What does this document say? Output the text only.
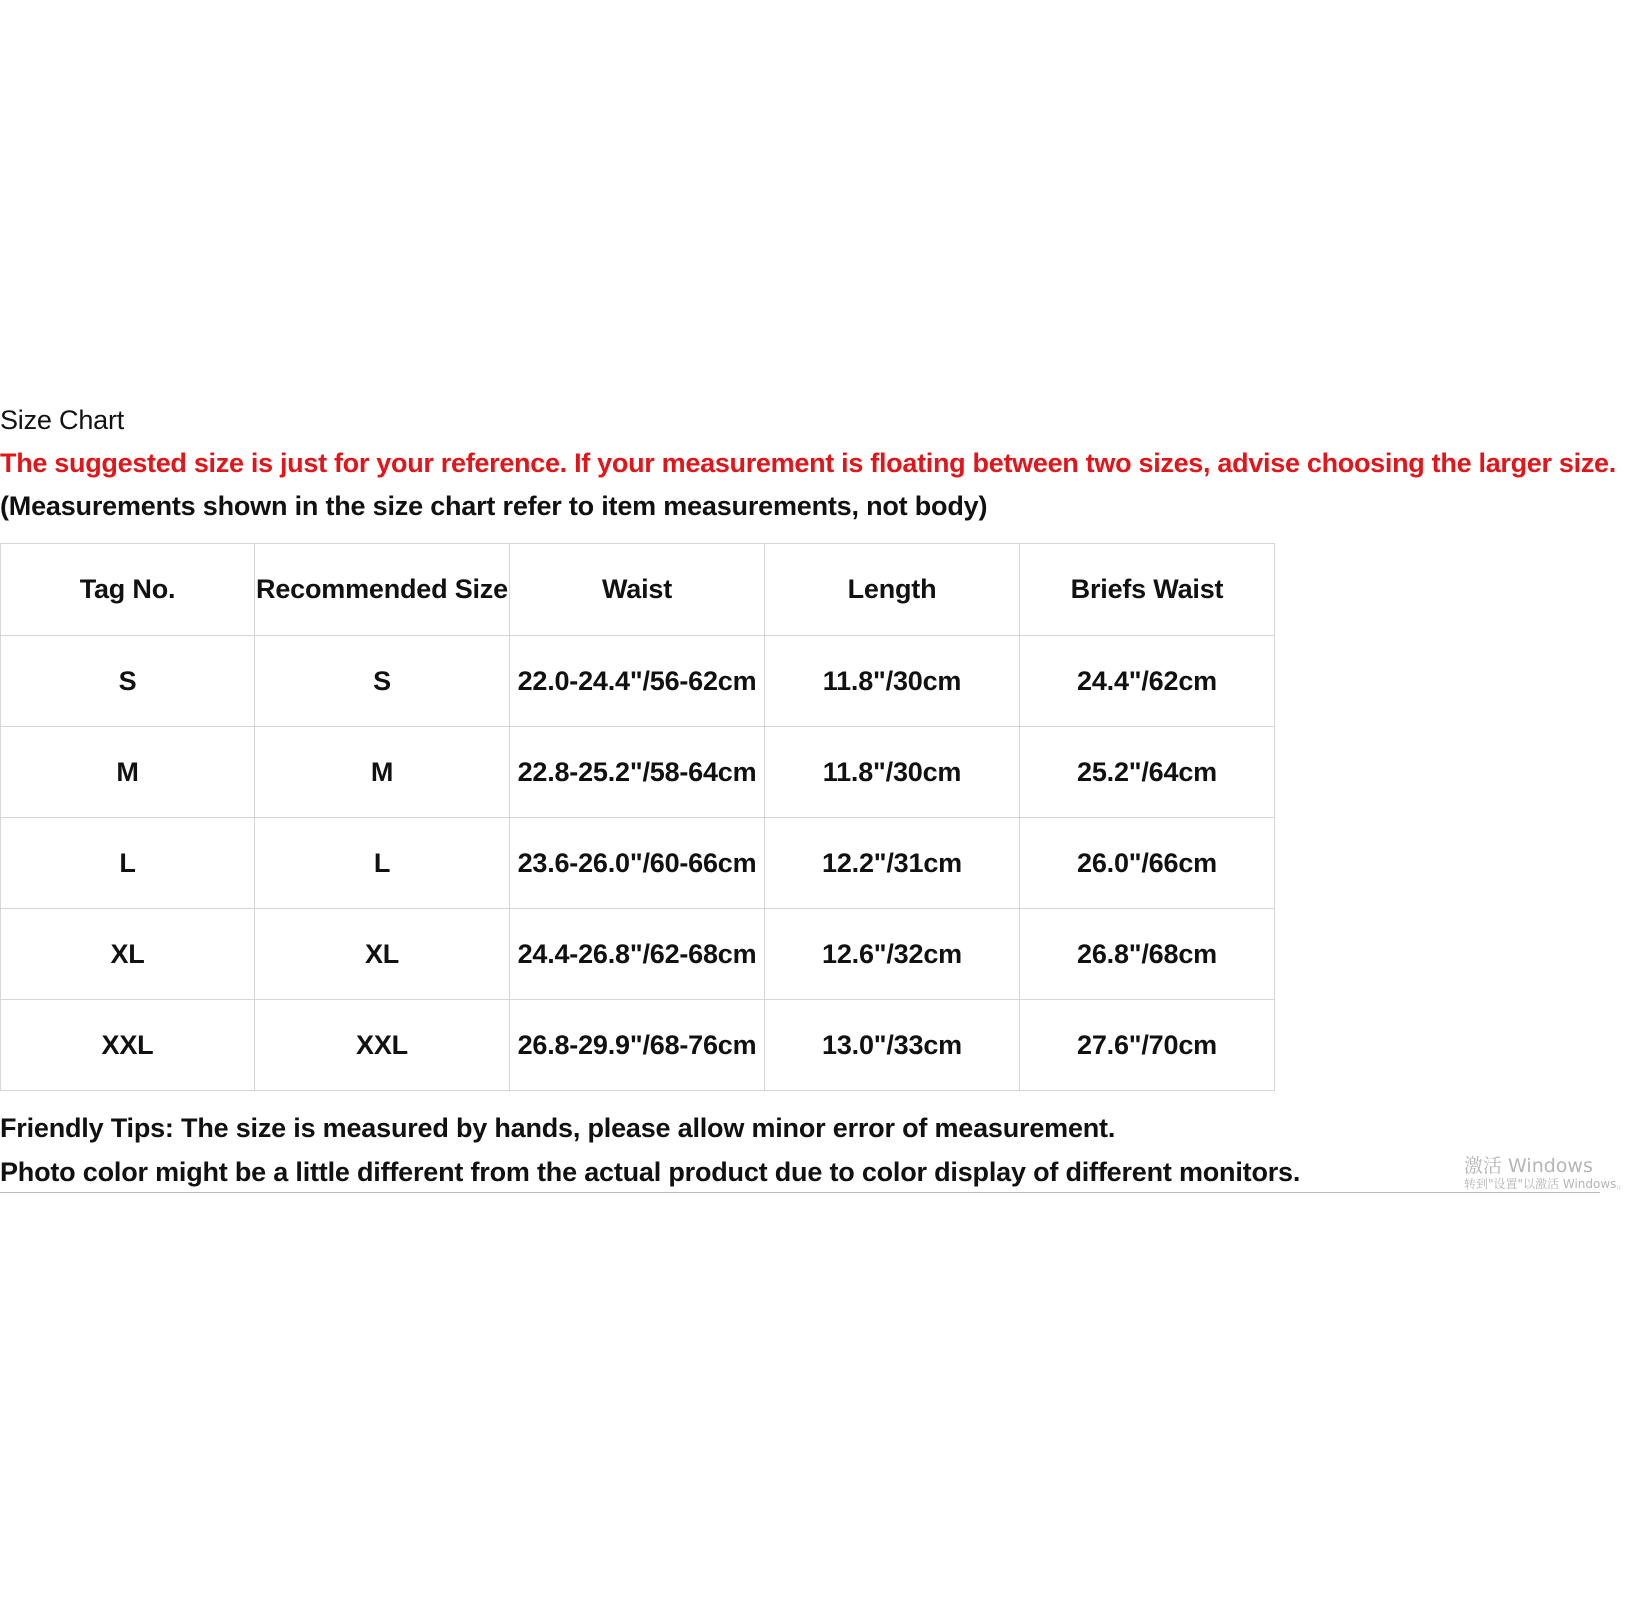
Size Chart
The suggested size is just for your reference. If your measurement is floating between two sizes, advise choosing the larger size.
(Measurements shown in the size chart refer to item measurements, not body)
Tag No.	Recommended Size	Waist	Length	Briefs Waist
S	S	22.0-24.4"/56-62cm	11.8"/30cm	24.4"/62cm
M	M	22.8-25.2"/58-64cm	11.8"/30cm	25.2"/64cm
L	L	23.6-26.0"/60-66cm	12.2"/31cm	26.0"/66cm
XL	XL	24.4-26.8"/62-68cm	12.6"/32cm	26.8"/68cm
XXL	XXL	26.8-29.9"/68-76cm	13.0"/33cm	27.6"/70cm
Friendly Tips: The size is measured by hands, please allow minor error of measurement.
Photo color might be a little different from the actual product due to color display of different monitors.	激活 Windows
转到"设置"以激活 Windows。
